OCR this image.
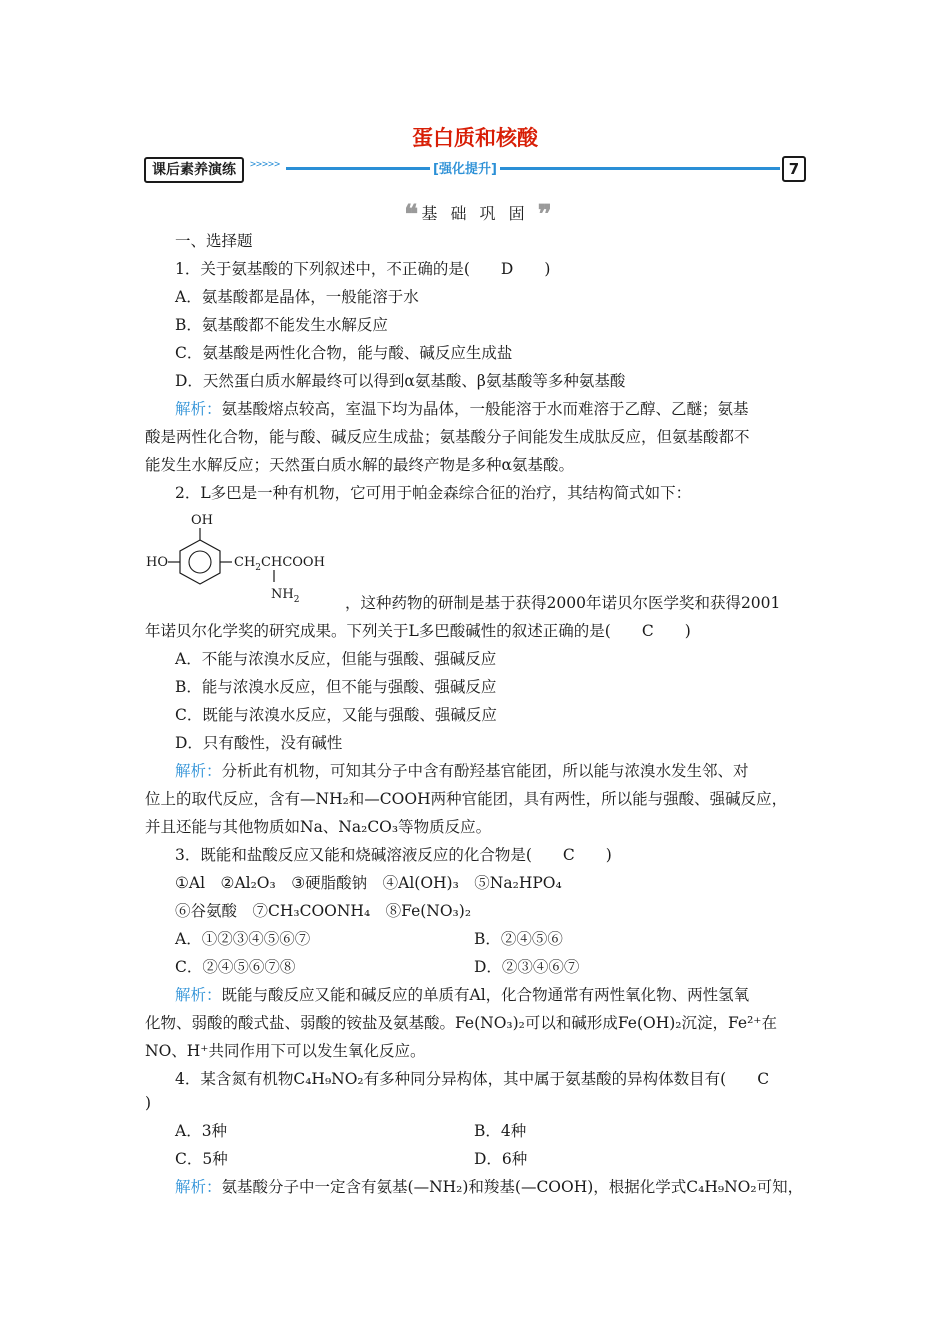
蛋白质和核酸
课后素养演练	>>>>>	[强化提升]	7
❝ 基 础 巩 固 ❞
一、选择题
1．关于氨基酸的下列叙述中，不正确的是(　　D　　)
A．氨基酸都是晶体，一般能溶于水
B．氨基酸都不能发生水解反应
C．氨基酸是两性化合物，能与酸、碱反应生成盐
D．天然蛋白质水解最终可以得到α氨基酸、β氨基酸等多种氨基酸
解析：氨基酸熔点较高，室温下均为晶体，一般能溶于水而难溶于乙醇、乙醚；氨基
酸是两性化合物，能与酸、碱反应生成盐；氨基酸分子间能发生成肽反应，但氨基酸都不
能发生水解反应；天然蛋白质水解的最终产物是多种α氨基酸。
2．L多巴是一种有机物，它可用于帕金森综合征的治疗，其结构简式如下：
OH
HO	$CH_2CHCOOH$
$NH_2$	，这种药物的研制是基于获得2000年诺贝尔医学奖和获得2001
年诺贝尔化学奖的研究成果。下列关于L多巴酸碱性的叙述正确的是(　　C　　)
A．不能与浓溴水反应，但能与强酸、强碱反应
B．能与浓溴水反应，但不能与强酸、强碱反应
C．既能与浓溴水反应，又能与强酸、强碱反应
D．只有酸性，没有碱性
解析：分析此有机物，可知其分子中含有酚羟基官能团，所以能与浓溴水发生邻、对
位上的取代反应，含有—NH₂和—COOH两种官能团，具有两性，所以能与强酸、强碱反应，
并且还能与其他物质如Na、Na₂CO₃等物质反应。
3．既能和盐酸反应又能和烧碱溶液反应的化合物是(　　C　　)
①Al　②Al₂O₃　③硬脂酸钠　④Al(OH)₃　⑤Na₂HPO₄
⑥谷氨酸　⑦CH₃COONH₄　⑧Fe(NO₃)₂
A．①②③④⑤⑥⑦	B．②④⑤⑥
C．②④⑤⑥⑦⑧	D．②③④⑥⑦
解析：既能与酸反应又能和碱反应的单质有Al，化合物通常有两性氧化物、两性氢氧
化物、弱酸的酸式盐、弱酸的铵盐及氨基酸。Fe(NO₃)₂可以和碱形成Fe(OH)₂沉淀，Fe²⁺在
NO、H⁺共同作用下可以发生氧化反应。
4．某含氮有机物C₄H₉NO₂有多种同分异构体，其中属于氨基酸的异构体数目有(　　C
)
A．3种	B．4种
C．5种	D．6种
解析：氨基酸分子中一定含有氨基(—NH₂)和羧基(—COOH)，根据化学式C₄H₉NO₂可知，
